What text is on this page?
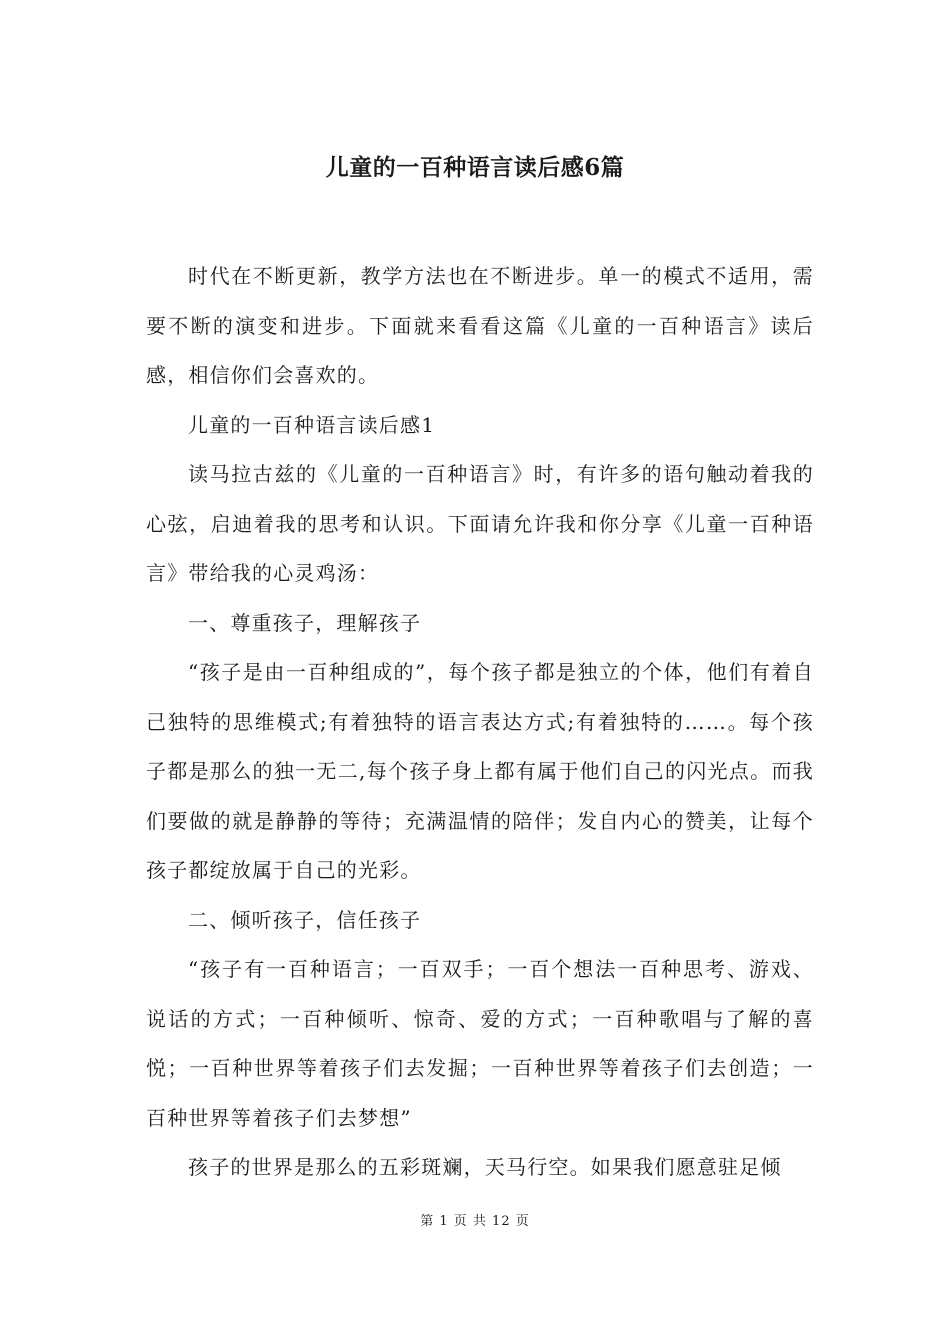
儿童的一百种语言读后感6篇

时代在不断更新，教学方法也在不断进步。单一的模式不适用，需要不断的演变和进步。下面就来看看这篇《儿童的一百种语言》读后感，相信你们会喜欢的。

儿童的一百种语言读后感1

读马拉古兹的《儿童的一百种语言》时，有许多的语句触动着我的心弦，启迪着我的思考和认识。下面请允许我和你分享《儿童一百种语言》带给我的心灵鸡汤：

一、尊重孩子，理解孩子

“孩子是由一百种组成的”，每个孩子都是独立的个体，他们有着自己独特的思维模式;有着独特的语言表达方式;有着独特的……。每个孩子都是那么的独一无二,每个孩子身上都有属于他们自己的闪光点。而我们要做的就是静静的等待；充满温情的陪伴；发自内心的赞美，让每个孩子都绽放属于自己的光彩。

二、倾听孩子，信任孩子

“孩子有一百种语言；一百双手；一百个想法一百种思考、游戏、说话的方式；一百种倾听、惊奇、爱的方式；一百种歌唱与了解的喜悦；一百种世界等着孩子们去发掘；一百种世界等着孩子们去创造；一百种世界等着孩子们去梦想”

孩子的世界是那么的五彩斑斓，天马行空。如果我们愿意驻足倾

第 1 页 共 12 页
